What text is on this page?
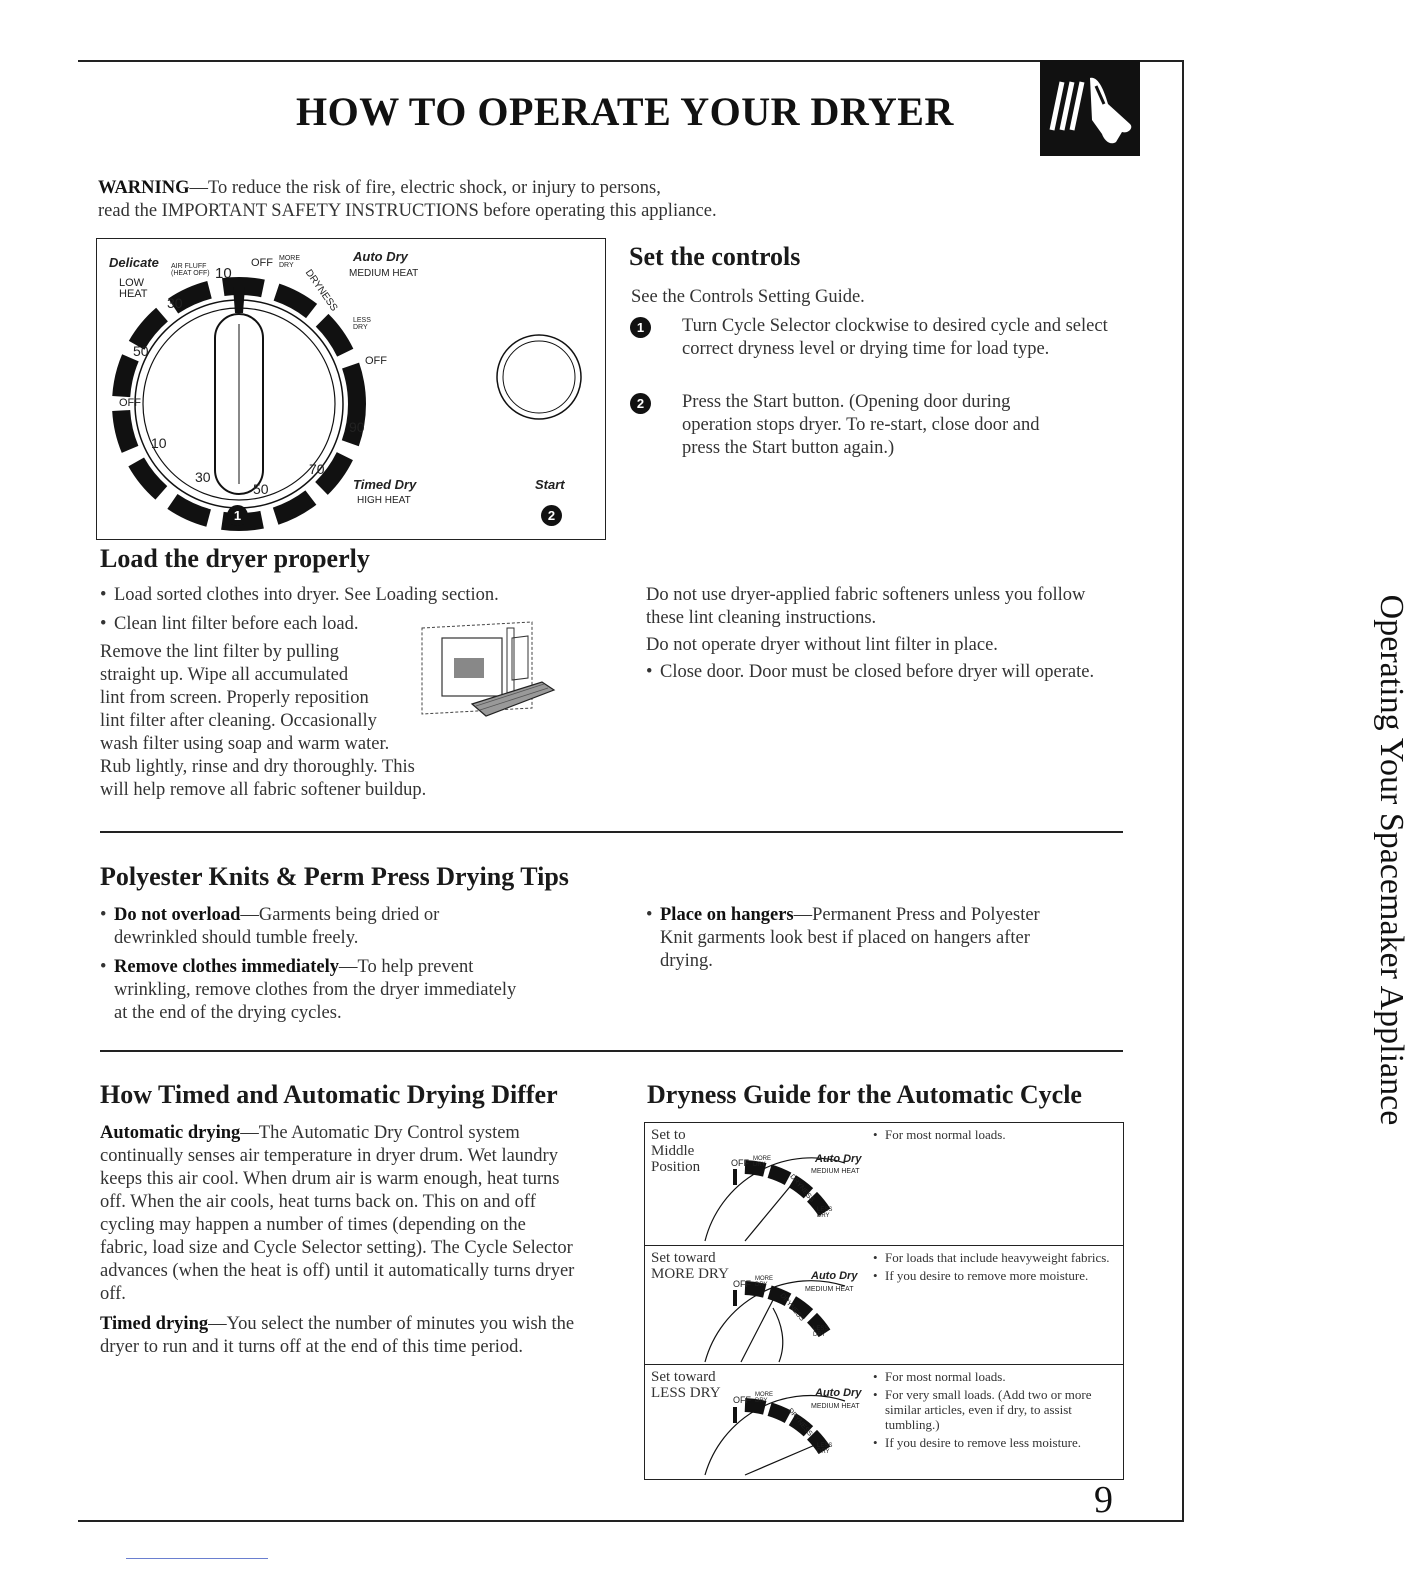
HOW TO OPERATE YOUR DRYER
WARNING—To reduce the risk of fire, electric shock, or injury to persons,
read the IMPORTANT SAFETY INSTRUCTIONS before operating this appliance.
Delicate AIR FLUFF
(HEAT OFF) 10
LOW
HEAT
30
50
OFF
10
30
50
70
90
OFF MORE DRY
DRYNESS
LESS DRY
OFF
Auto Dry
MEDIUM HEAT
Timed Dry
HIGH HEAT
Start
1	2
Set the controls
See the Controls Setting Guide.
1	Turn Cycle Selector clockwise to desired cycle and select correct dryness level or drying time for load type.
2	Press the Start button. (Opening door during operation stops dryer. To re-start, close door and press the Start button again.)
Load the dryer properly
• Load sorted clothes into dryer. See Loading section.
• Clean lint filter before each load.
Remove the lint filter by pulling
straight up. Wipe all accumulated
lint from screen. Properly reposition
lint filter after cleaning. Occasionally
wash filter using soap and warm water.
Rub lightly, rinse and dry thoroughly. This
will help remove all fabric softener buildup.
Do not use dryer-applied fabric softeners unless you follow these lint cleaning instructions.
Do not operate dryer without lint filter in place.
• Close door. Door must be closed before dryer will operate.
Polyester Knits & Perm Press Drying Tips
• Do not overload—Garments being dried or dewrinkled should tumble freely.
• Remove clothes immediately—To help prevent wrinkling, remove clothes from the dryer immediately at the end of the drying cycles.
• Place on hangers—Permanent Press and Polyester Knit garments look best if placed on hangers after drying.
How Timed and Automatic Drying Differ
Automatic drying—The Automatic Dry Control system continually senses air temperature in dryer drum. Wet laundry keeps this air cool. When drum air is warm enough, heat turns off. When the air cools, heat turns back on. This on and off cycling may happen a number of times (depending on the fabric, load size and Cycle Selector setting). The Cycle Selector advances (when the heat is off) until it automatically turns dryer off.
Timed drying—You select the number of minutes you wish the dryer to run and it turns off at the end of this time period.
Dryness Guide for the Automatic Cycle
Set to
Middle
Position	OFF MORE DRY	Auto Dry
MEDIUM HEAT
DRYNESS
LESS DRY
• For most normal loads.
Set toward
MORE DRY
OFF MORE DRY
Auto Dry
MEDIUM HEAT
DRYNESS
LESS DRY
• For loads that include heavyweight fabrics.
• If you desire to remove more moisture.
Set toward
LESS DRY OFF MORE DRY
Auto Dry
MEDIUM HEAT
DRYNESS
LESS DRY
• For most normal loads.
• For very small loads. (Add two or more similar articles, even if dry, to assist tumbling.)
• If you desire to remove less moisture.
Operating Your Spacemaker Appliance
9
